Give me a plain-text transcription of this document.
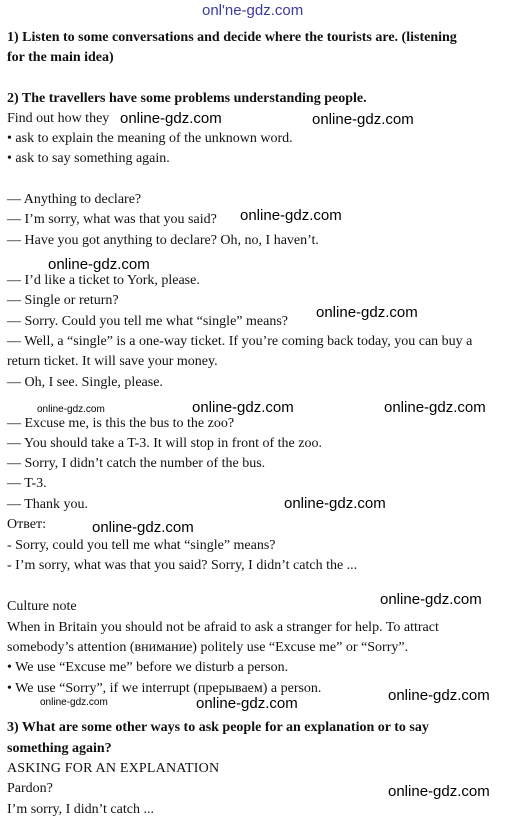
onl'ne-gdz.com
1) Listen to some conversations and decide where the tourists are. (listening
for the main idea)
2) The travellers have some problems understanding people.
Find out how they
• ask to explain the meaning of the unknown word.
• ask to say something again.
online-gdz.com	online-gdz.com
— Anything to declare?
— I’m sorry, what was that you said?
— Have you got anything to declare? Oh, no, I haven’t.
online-gdz.com
online-gdz.com
— I’d like a ticket to York, please.
— Single or return?
— Sorry. Could you tell me what “single” means?
online-gdz.com
— Well, a “single” is a one-way ticket. If you’re coming back today, you can buy a
return ticket. It will save your money.
— Oh, I see. Single, please.
online-gdz.com	online-gdz.com	online-gdz.com
— Excuse me, is this the bus to the zoo?
— You should take a T-3. It will stop in front of the zoo.
— Sorry, I didn’t catch the number of the bus.
— T-3.
— Thank you.	online-gdz.com
Ответ:	online-gdz.com
- Sorry, could you tell me what “single” means?
- I’m sorry, what was that you said? Sorry, I didn’t catch the ...
online-gdz.com
Culture note
When in Britain you should not be afraid to ask a stranger for help. To attract
somebody’s attention (внимание) politely use “Excuse me” or “Sorry”.
• We use “Excuse me” before we disturb a person.
• We use “Sorry”, if we interrupt (прерываем) a person.	online-gdz.com
online-gdz.com	online-gdz.com
3) What are some other ways to ask people for an explanation or to say
something again?
ASKING FOR AN EXPLANATION
Pardon?	online-gdz.com
I’m sorry, I didn’t catch ...
